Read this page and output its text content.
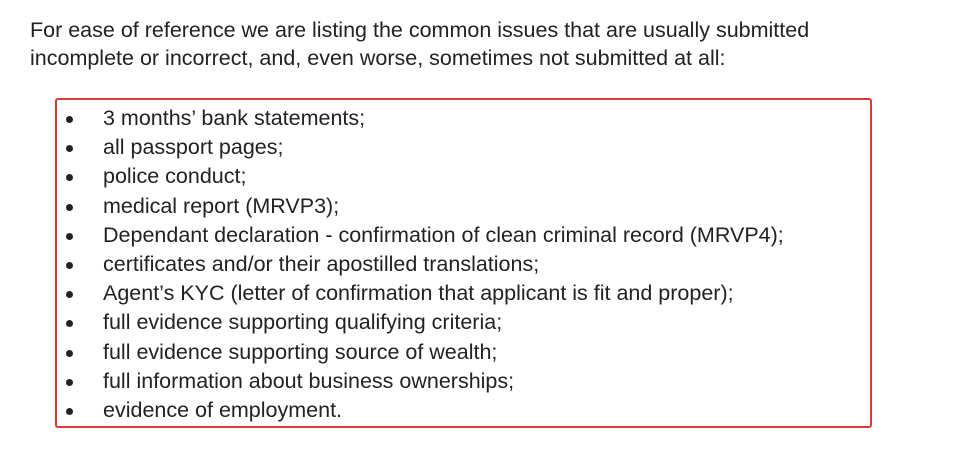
For ease of reference we are listing the common issues that are usually submitted
incomplete or incorrect, and, even worse, sometimes not submitted at all:

3 months’ bank statements;
all passport pages;
police conduct;
medical report (MRVP3);
Dependant declaration - confirmation of clean criminal record (MRVP4);
certificates and/or their apostilled translations;
Agent’s KYC (letter of confirmation that applicant is fit and proper);
full evidence supporting qualifying criteria;
full evidence supporting source of wealth;
full information about business ownerships;
evidence of employment.
